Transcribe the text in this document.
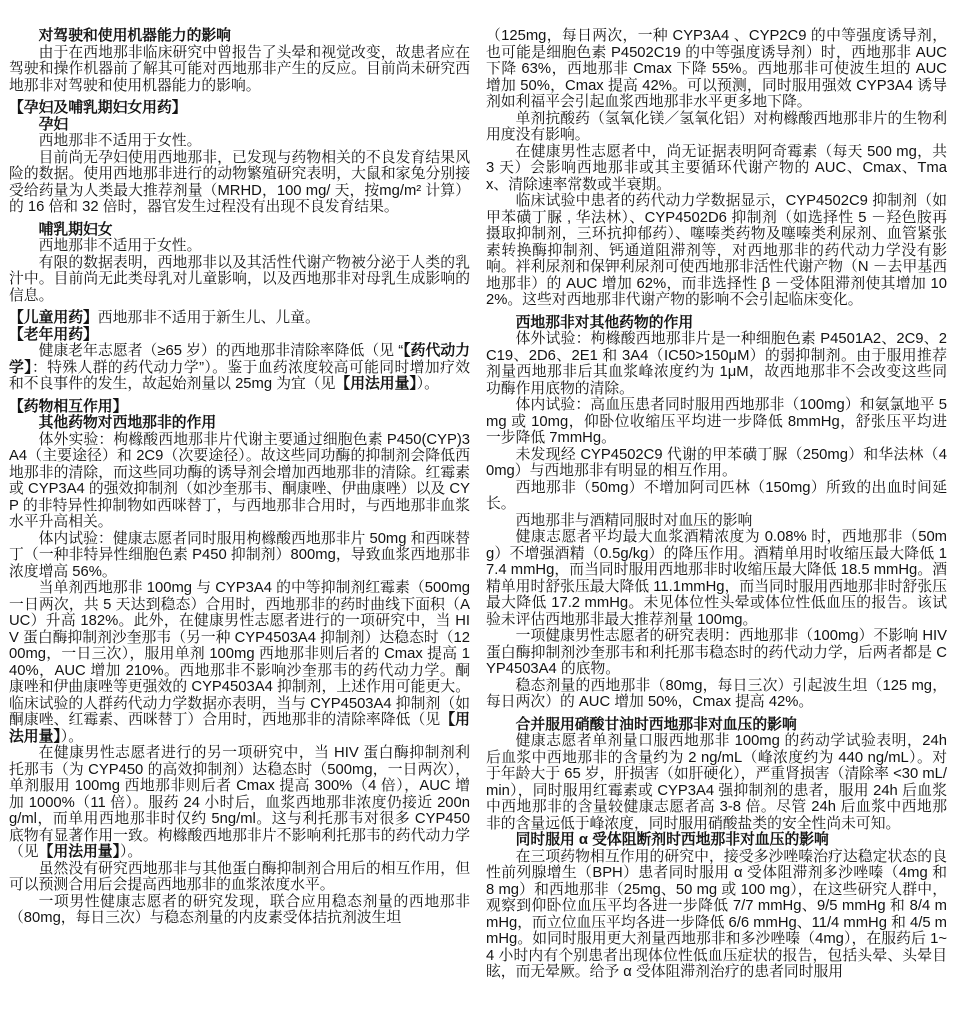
对驾驶和使用机器能力的影响

由于在西地那非临床研究中曾报告了头晕和视觉改变，故患者应在驾驶和操作机器前了解其可能对西地那非产生的反应。目前尚未研究西地那非对驾驶和使用机器能力的影响。

【孕妇及哺乳期妇女用药】

孕妇

西地那非不适用于女性。

目前尚无孕妇使用西地那非，已发现与药物相关的不良发育结果风险的数据。使用西地那非进行的动物繁殖研究表明，大鼠和家兔分别接受给药量为人类最大推荐剂量（MRHD，100 mg/ 天，按mg/m² 计算）的 16 倍和 32 倍时，器官发生过程没有出现不良发育结果。

哺乳期妇女

西地那非不适用于女性。

有限的数据表明，西地那非以及其活性代谢产物被分泌于人类的乳汁中。目前尚无此类母乳对儿童影响，以及西地那非对母乳生成影响的信息。

【儿童用药】西地那非不适用于新生儿、儿童。

【老年用药】

健康老年志愿者（≥65 岁）的西地那非清除率降低（见 “【药代动力学】：特殊人群的药代动力学”）。鉴于血药浓度较高可能同时增加疗效和不良事件的发生，故起始剂量以 25mg 为宜（见【用法用量】）。

【药物相互作用】

其他药物对西地那非的作用

体外实验：枸橼酸西地那非片代谢主要通过细胞色素 P450(CYP)3A4（主要途径）和 2C9（次要途径）。故这些同功酶的抑制剂会降低西地那非的清除，而这些同功酶的诱导剂会增加西地那非的清除。红霉素或 CYP3A4 的强效抑制剂（如沙奎那韦、酮康唑、伊曲康唑）以及 CYP 的非特异性抑制物如西咪替丁，与西地那非合用时，与西地那非血浆水平升高相关。

体内试验：健康志愿者同时服用枸橼酸西地那非片 50mg 和西咪替丁（一种非特异性细胞色素 P450 抑制剂）800mg，导致血浆西地那非浓度增高 56%。

当单剂西地那非 100mg 与 CYP3A4 的中等抑制剂红霉素（500mg 一日两次，共 5 天达到稳态）合用时，西地那非的药时曲线下面积（AUC）升高 182%。此外，在健康男性志愿者进行的一项研究中，当 HIV 蛋白酶抑制剂沙奎那韦（另一种 CYP4503A4 抑制剂）达稳态时（1200mg，一日三次），服用单剂 100mg 西地那非则后者的 Cmax 提高 140%，AUC 增加 210%。西地那非不影响沙奎那韦的药代动力学。酮康唑和伊曲康唑等更强效的 CYP4503A4 抑制剂，上述作用可能更大。临床试验的人群药代动力学数据亦表明，当与 CYP4503A4 抑制剂（如酮康唑、红霉素、西咪替丁）合用时，西地那非的清除率降低（见【用法用量】）。

在健康男性志愿者进行的另一项研究中，当 HIV 蛋白酶抑制剂利托那韦（为 CYP450 的高效抑制剂）达稳态时（500mg，一日两次），单剂服用 100mg 西地那非则后者 Cmax 提高 300%（4 倍），AUC 增加 1000%（11 倍）。服药 24 小时后，血浆西地那非浓度仍接近 200ng/ml，而单用西地那非时仅约 5ng/ml。这与利托那韦对很多 CYP450 底物有显著作用一致。枸橼酸西地那非片不影响利托那韦的药代动力学（见【用法用量】）。

虽然没有研究西地那非与其他蛋白酶抑制剂合用后的相互作用，但可以预测合用后会提高西地那非的血浆浓度水平。

一项男性健康志愿者的研究发现，联合应用稳态剂量的西地那非（80mg，每日三次）与稳态剂量的内皮素受体拮抗剂波生坦

（125mg，每日两次，一种 CYP3A4 、CYP2C9 的中等强度诱导剂，也可能是细胞色素 P4502C19 的中等强度诱导剂）时，西地那非 AUC 下降 63%，西地那非 Cmax 下降 55%。西地那非可使波生坦的 AUC 增加 50%，Cmax 提高 42%。可以预测，同时服用强效 CYP3A4 诱导剂如利福平会引起血浆西地那非水平更多地下降。

单剂抗酸药（氢氧化镁／氢氧化铝）对枸橼酸西地那非片的生物利用度没有影响。

在健康男性志愿者中，尚无证据表明阿奇霉素（每天 500 mg，共 3 天）会影响西地那非或其主要循环代谢产物的 AUC、Cmax、Tmax、清除速率常数或半衰期。

临床试验中患者的药代动力学数据显示，CYP4502C9 抑制剂（如甲苯磺丁脲 , 华法林）、CYP4502D6 抑制剂（如选择性 5 －羟色胺再摄取抑制剂，三环抗抑郁药）、噻嗪类药物及噻嗪类利尿剂、血管紧张素转换酶抑制剂、钙通道阻滞剂等，对西地那非的药代动力学没有影响。袢利尿剂和保钾利尿剂可使西地那非活性代谢产物（N －去甲基西地那非）的 AUC 增加 62%，而非选择性 β －受体阻滞剂使其增加 102%。这些对西地那非代谢产物的影响不会引起临床变化。

西地那非对其他药物的作用

体外试验：枸橼酸西地那非片是一种细胞色素 P4501A2、2C9、2C19、2D6、2E1 和 3A4（IC50>150μM）的弱抑制剂。由于服用推荐剂量西地那非后其血浆峰浓度约为 1μM，故西地那非不会改变这些同功酶作用底物的清除。

体内试验：高血压患者同时服用西地那非（100mg）和氨氯地平 5mg 或 10mg，仰卧位收缩压平均进一步降低 8mmHg，舒张压平均进一步降低 7mmHg。

未发现经 CYP4502C9 代谢的甲苯磺丁脲（250mg）和华法林（40mg）与西地那非有明显的相互作用。

西地那非（50mg）不增加阿司匹林（150mg）所致的出血时间延长。

西地那非与酒精同服时对血压的影响

健康志愿者平均最大血浆酒精浓度为 0.08% 时，西地那非（50mg）不增强酒精（0.5g/kg）的降压作用。酒精单用时收缩压最大降低 17.4 mmHg，而当同时服用西地那非时收缩压最大降低 18.5 mmHg。酒精单用时舒张压最大降低 11.1mmHg，而当同时服用西地那非时舒张压最大降低 17.2 mmHg。未见体位性头晕或体位性低血压的报告。该试验未评估西地那非最大推荐剂量 100mg。

一项健康男性志愿者的研究表明：西地那非（100mg）不影响 HIV 蛋白酶抑制剂沙奎那韦和利托那韦稳态时的药代动力学，后两者都是 CYP4503A4 的底物。

稳态剂量的西地那非（80mg，每日三次）引起波生坦（125 mg，每日两次）的 AUC 增加 50%，Cmax 提高 42%。

合并服用硝酸甘油时西地那非对血压的影响

健康志愿者单剂量口服西地那非 100mg 的药动学试验表明，24h 后血浆中西地那非的含量约为 2 ng/mL（峰浓度约为 440 ng/mL）。对于年龄大于 65 岁，肝损害（如肝硬化），严重肾损害（清除率 <30 mL/min），同时服用红霉素或 CYP3A4 强抑制剂的患者，服用 24h 后血浆中西地那非的含量较健康志愿者高 3-8 倍。尽管 24h 后血浆中西地那非的含量远低于峰浓度，同时服用硝酸盐类的安全性尚未可知。

同时服用 α 受体阻断剂时西地那非对血压的影响

在三项药物相互作用的研究中，接受多沙唑嗪治疗达稳定状态的良性前列腺增生（BPH）患者同时服用 α 受体阻滞剂多沙唑嗪（4mg 和 8 mg）和西地那非（25mg、50 mg 或 100 mg），在这些研究人群中，观察到仰卧位血压平均各进一步降低 7/7 mmHg、9/5 mmHg 和 8/4 mmHg，而立位血压平均各进一步降低 6/6 mmHg、11/4 mmHg 和 4/5 mmHg。如同时服用更大剂量西地那非和多沙唑嗪（4mg），在服药后 1~4 小时内有个别患者出现体位性低血压症状的报告，包括头晕、头晕目眩，而无晕厥。给予 α 受体阻滞剂治疗的患者同时服用
